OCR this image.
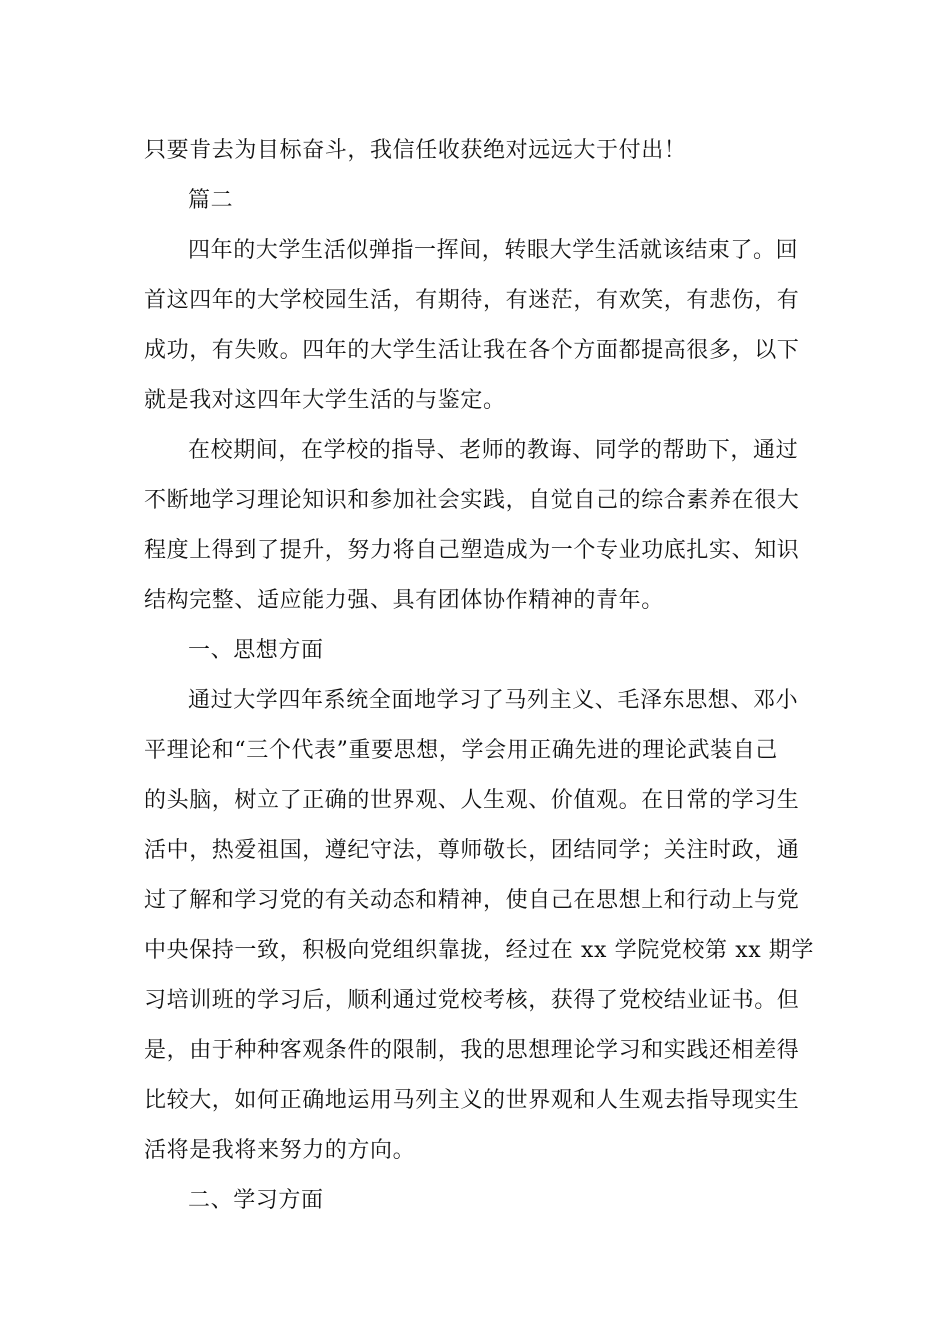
只要肯去为目标奋斗，我信任收获绝对远远大于付出！
篇二
四年的大学生活似弹指一挥间，转眼大学生活就该结束了。回
首这四年的大学校园生活，有期待，有迷茫，有欢笑，有悲伤，有
成功，有失败。四年的大学生活让我在各个方面都提高很多，以下
就是我对这四年大学生活的与鉴定。
在校期间，在学校的指导、老师的教诲、同学的帮助下，通过
不断地学习理论知识和参加社会实践，自觉自己的综合素养在很大
程度上得到了提升，努力将自己塑造成为一个专业功底扎实、知识
结构完整、适应能力强、具有团体协作精神的青年。
一、思想方面
通过大学四年系统全面地学习了马列主义、毛泽东思想、邓小
平理论和“三个代表”重要思想，学会用正确先进的理论武装自己
的头脑，树立了正确的世界观、人生观、价值观。在日常的学习生
活中，热爱祖国，遵纪守法，尊师敬长，团结同学；关注时政，通
过了解和学习党的有关动态和精神，使自己在思想上和行动上与党
中央保持一致，积极向党组织靠拢，经过在 xx 学院党校第 xx 期学
习培训班的学习后，顺利通过党校考核，获得了党校结业证书。但
是，由于种种客观条件的限制，我的思想理论学习和实践还相差得
比较大，如何正确地运用马列主义的世界观和人生观去指导现实生
活将是我将来努力的方向。
二、学习方面
